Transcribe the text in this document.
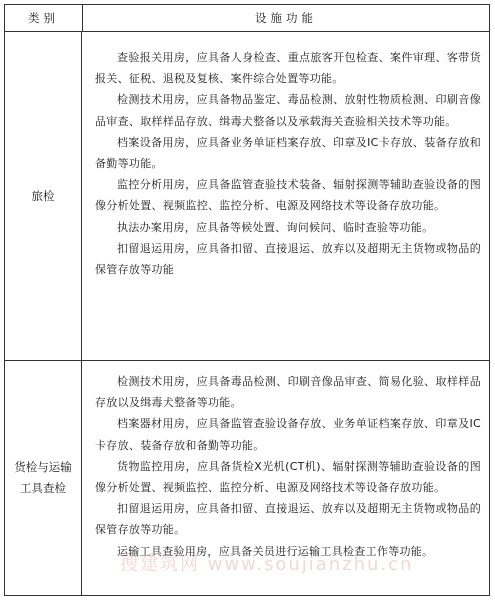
类别	设施功能
旅检

查验报关用房，应具备人身检查、重点旅客开包检查、案件审理、客带货报关、征税、退税及复核、案件综合处置等功能。

检测技术用房，应具备物品鉴定、毒品检测、放射性物质检测、印刷音像品审查、取样样品存放、缉毒犬整备以及承载海关查验相关技术等功能。

档案设备用房，应具备业务单证档案存放、印章及IC卡存放、装备存放和备勤等功能。

监控分析用房，应具备监管查验技术装备、辐射探测等辅助查验设备的图像分析处置、视频监控、监控分析、电源及网络技术等设备存放功能。

执法办案用房，应具备等候处置、询问候问、临时查验等功能。

扣留退运用房，应具备扣留、直接退运、放弃以及超期无主货物或物品的保管存放等功能

货检与运输工具查检

检测技术用房，应具备毒品检测、印刷音像品审查、简易化验、取样样品存放以及缉毒犬整备等功能。

档案器材用房，应具备监管查验设备存放、业务单证档案存放、印章及IC卡存放、装备存放和备勤等功能。

货物监控用房，应具备货检X光机(CT机)、辐射探测等辅助查验设备的图像分析处置、视频监控、监控分析、电源及网络技术等设备存放功能。

扣留退运用房，应具备扣留、直接退运、放弃以及超期无主货物或物品的保管存放等功能。

运输工具查验用房，应具备关员进行运输工具检查工作等功能。

搜建筑网 www.soujianzhu.cn
